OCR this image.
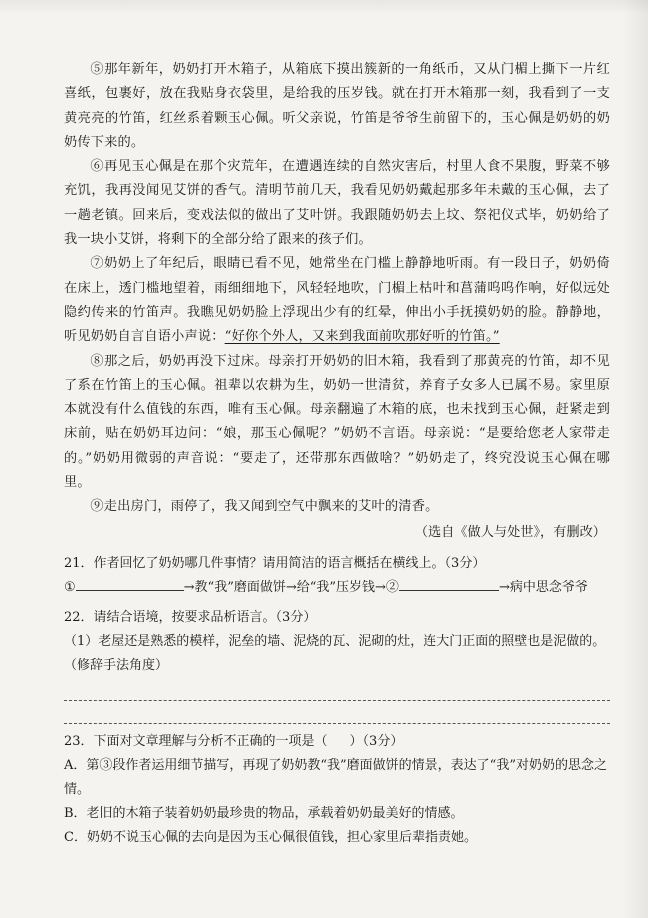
⑤那年新年，奶奶打开木箱子，从箱底下摸出簇新的一角纸币，又从门楣上撕下一片红喜纸，包裹好，放在我贴身衣袋里，是给我的压岁钱。就在打开木箱那一刻，我看到了一支黄亮亮的竹笛，红丝系着颗玉心佩。听父亲说，竹笛是爷爷生前留下的，玉心佩是奶奶的奶奶传下来的。

⑥再见玉心佩是在那个灾荒年，在遭遇连续的自然灾害后，村里人食不果腹，野菜不够充饥，我再没闻见艾饼的香气。清明节前几天，我看见奶奶戴起那多年未戴的玉心佩，去了一趟老镇。回来后，变戏法似的做出了艾叶饼。我跟随奶奶去上坟、祭祀仪式毕，奶奶给了我一块小艾饼，将剩下的全部分给了跟来的孩子们。

⑦奶奶上了年纪后，眼睛已看不见，她常坐在门槛上静静地听雨。有一段日子，奶奶倚在床上，透门槛地望着，雨细细地下，风轻轻地吹，门楣上枯叶和菖蒲呜呜作响，好似远处隐约传来的竹笛声。我瞧见奶奶脸上浮现出少有的红晕，伸出小手抚摸奶奶的脸。静静地，听见奶奶自言自语小声说：“好你个外人，又来到我面前吹那好听的竹笛。”

⑧那之后，奶奶再没下过床。母亲打开奶奶的旧木箱，我看到了那黄亮的竹笛，却不见了系在竹笛上的玉心佩。祖辈以农耕为生，奶奶一世清贫，养育子女多人已属不易。家里原本就没有什么值钱的东西，唯有玉心佩。母亲翻遍了木箱的底，也未找到玉心佩，赶紧走到床前，贴在奶奶耳边问：“娘，那玉心佩呢？”奶奶不言语。母亲说：“是要给您老人家带走的。”奶奶用微弱的声音说：“要走了，还带那东西做啥？”奶奶走了，终究没说玉心佩在哪里。

⑨走出房门，雨停了，我又闻到空气中飘来的艾叶的清香。

（选自《做人与处世》，有删改）

21．作者回忆了奶奶哪几件事情？请用简洁的语言概括在横线上。（3分）

①	→教“我”磨面做饼→给“我”压岁钱→②	→病中思念爷爷

22．请结合语境，按要求品析语言。（3分）

（1）老屋还是熟悉的模样，泥垒的墙、泥烧的瓦、泥砌的灶，连大门正面的照壁也是泥做的。

（修辞手法角度）

23．下面对文章理解与分析不正确的一项是（ ）（3分）

A．第③段作者运用细节描写，再现了奶奶教“我”磨面做饼的情景，表达了“我”对奶奶的思念之情。

B．老旧的木箱子装着奶奶最珍贵的物品，承载着奶奶最美好的情感。

C．奶奶不说玉心佩的去向是因为玉心佩很值钱，担心家里后辈指责她。
